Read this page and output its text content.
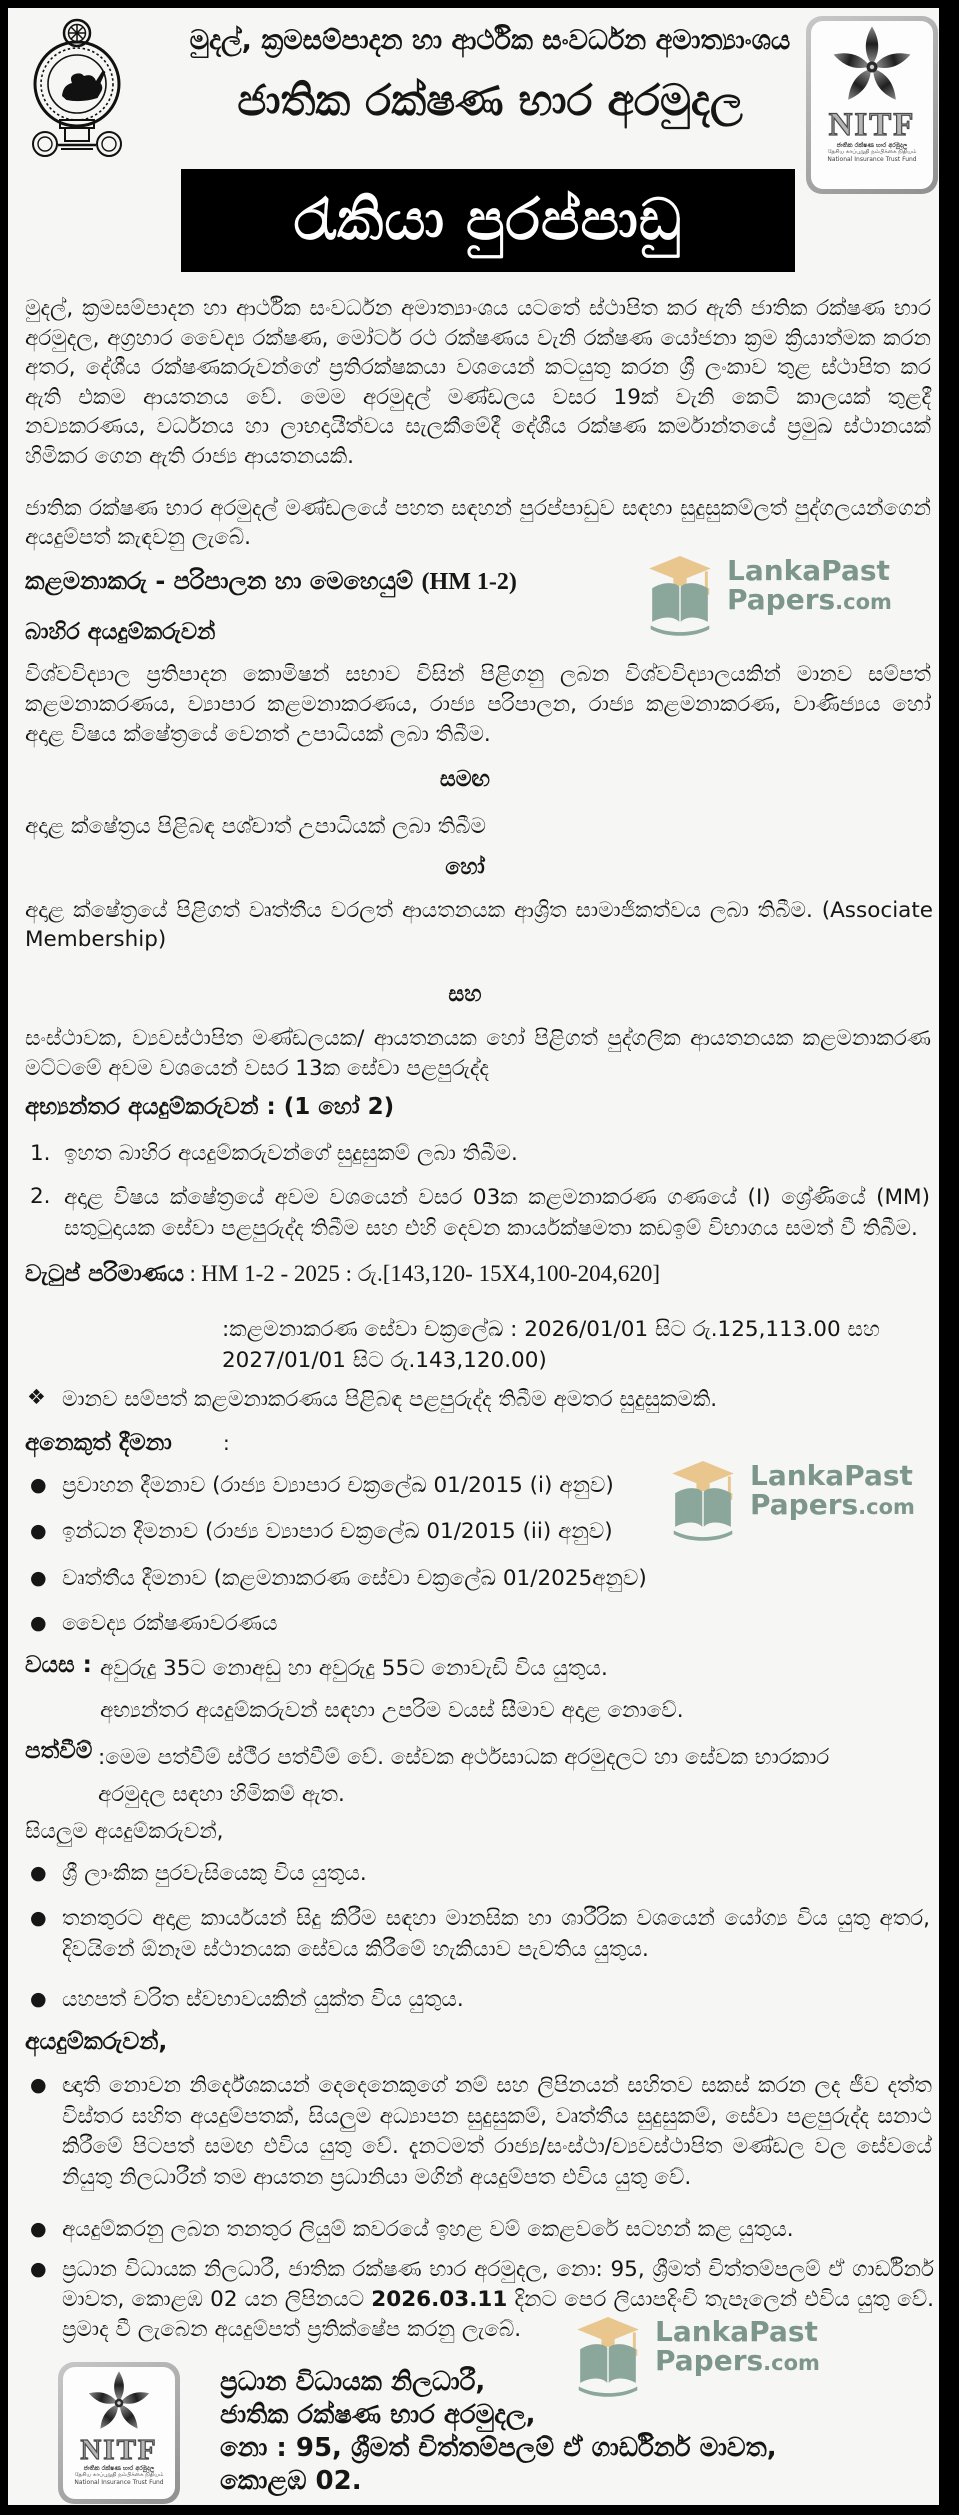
මුදල්, ක්‍රමසම්පාදන හා ආර්ථික සංවර්ධන අමාත්‍යාංශය
ජාතික රක්ෂණ භාර අරමුදල	NITF
ජාතික රක්ෂණ භාර අරමුදල
தேசிய காப்புறுதி நம்பிக்கை நிதியம்
National Insurance Trust Fund
රැකියා පුරප්පාඩු
මුදල්, ක්‍රමසම්පාදන හා ආර්ථික සංවර්ධන අමාත්‍යාංශය යටතේ ස්ථාපිත කර ඇති ජාතික රක්ෂණ භාර අරමුදල, අග්‍රහාර වෛද්‍ය රක්ෂණ, මෝටර් රථ රක්ෂණය වැනි රක්ෂණ යෝජනා ක්‍රම ක්‍රියාත්මක කරන අතර, දේශීය රක්ෂණකරුවන්ගේ ප්‍රතිරක්ෂකයා වශයෙන් කටයුතු කරන ශ්‍රී ලංකාව තුළ ස්ථාපිත කර ඇති එකම ආයතනය වේ. මෙම අරමුදල් මණ්ඩලය වසර 19ක් වැනි කෙටි කාලයක් තුළදී නව්‍යකරණය, වර්ධනය හා ලාභදායීත්වය සැලකීමේදී දේශීය රක්ෂණ කර්මාන්තයේ ප්‍රමුඛ ස්ථානයක් හිමිකර ගෙන ඇති රාජ්‍ය ආයතනයකි.
ජාතික රක්ෂණ භාර අරමුදල් මණ්ඩලයේ පහත සඳහන් පුරප්පාඩුව සඳහා සුදුසුකම්ලත් පුද්ගලයන්ගෙන් අයදුම්පත් කැඳවනු ලැබේ.
කළමනාකරු - පරිපාලන හා මෙහෙයුම් (HM 1-2)	LankaPast
Papers.com
බාහිර අයදුම්කරුවන්
විශ්වවිද්‍යාල ප්‍රතිපාදන කොමිෂන් සභාව විසින් පිළිගනු ලබන විශ්වවිද්‍යාලයකින් මානව සම්පත් කළමනාකරණය, ව්‍යාපාර කළමනාකරණය, රාජ්‍ය පරිපාලන, රාජ්‍ය කළමනාකරණ, වාණිජ්‍යය හෝ අදාළ විෂය ක්ෂේත්‍රයේ වෙනත් උපාධියක් ලබා තිබීම.
සමඟ
අදාළ ක්ෂේත්‍රය පිළිබඳ පශ්චාත් උපාධියක් ලබා තිබීම
හෝ
අදාළ ක්ෂේත්‍රයේ පිළිගත් වෘත්තීය වරලත් ආයතනයක ආශ්‍රිත සාමාජිකත්වය ලබා තිබීම. (Associate Membership)
සහ
සංස්ථාවක, ව්‍යවස්ථාපිත මණ්ඩලයක/ ආයතනයක හෝ පිළිගත් පුද්ගලික ආයතනයක කළමනාකරණ මට්ටමේ අවම වශයෙන් වසර 13ක සේවා පළපුරුද්ද
අභ්‍යන්තර අයදුම්කරුවන් : (1 හෝ 2)
1. ඉහත බාහිර අයදුම්කරුවන්ගේ සුදුසුකම් ලබා තිබීම.
2. අදාළ විෂය ක්ෂේත්‍රයේ අවම වශයෙන් වසර 03ක කළමනාකරණ ගණයේ (I) ශ්‍රේණියේ (MM) සතුටුදායක සේවා පළපුරුද්ද තිබීම සහ එහි දෙවන කාර්යක්ෂමතා කඩඉම් විභාගය සමත් වී තිබීම.
වැටුප් පරිමාණය : HM 1-2 - 2025 : රු.[143,120- 15X4,100-204,620]
:කළමනාකරණ සේවා චක්‍රලේඛ : 2026/01/01 සිට රු.125,113.00 සහ
2027/01/01 සිට රු.143,120.00)
❖ මානව සම්පත් කළමනාකරණය පිළිබඳ පළපුරුද්ද තිබීම අමතර සුදුසුකමකි.
අනෙකුත් දීමනා	:
● ප්‍රවාහන දීමනාව (රාජ්‍ය ව්‍යාපාර චක්‍රලේඛ 01/2015 (i) අනුව)
● ඉන්ධන දීමනාව (රාජ්‍ය ව්‍යාපාර චක්‍රලේඛ 01/2015 (ii) අනුව)
● වෘත්තීය දීමනාව (කළමනාකරණ සේවා චක්‍රලේඛ 01/2025අනුව)
● වෛද්‍ය රක්ෂණාවරණය
LankaPast
Papers.com
වයස : අවුරුදු 35ට නොඅඩු හා අවුරුදු 55ට නොවැඩි විය යුතුය.
අභ්‍යන්තර අයදුම්කරුවන් සඳහා උපරිම වයස් සීමාව අදාළ නොවේ.
පත්වීම් :මෙම පත්වීම් ස්ථීර පත්වීම් වේ. සේවක අර්ථසාධක අරමුදලට හා සේවක භාරකාර අරමුදල සඳහා හිමිකම් ඇත.
සියලුම අයදුම්කරුවන්,
● ශ්‍රී ලාංකික පුරවැසියෙකු විය යුතුය.
● තනතුරට අදාළ කාර්යයන් සිදු කිරීම සඳහා මානසික හා ශාරීරික වශයෙන් යෝග්‍ය විය යුතු අතර, දිවයිනේ ඕනෑම ස්ථානයක සේවය කිරීමේ හැකියාව පැවතිය යුතුය.
● යහපත් චරිත ස්වභාවයකින් යුක්ත විය යුතුය.
අයදුම්කරුවන්,
● ඥාති නොවන නිර්දේශකයන් දෙදෙනෙකුගේ නම් සහ ලිපිනයන් සහිතව සකස් කරන ලද ජීව දත්ත විස්තර සහිත අයදුම්පතක්, සියලුම අධ්‍යාපන සුදුසුකම්, වෘත්තීය සුදුසුකම්, සේවා පළපුරුද්ද සනාථ කිරීමේ පිටපත් සමඟ එවිය යුතු වේ. දැනටමත් රාජ්‍ය/සංස්ථා/ව්‍යවස්ථාපිත මණ්ඩල වල සේවයේ නියුතු නිලධාරීන් තම ආයතන ප්‍රධානියා මගින් අයදුම්පත එවිය යුතු වේ.
● අයදුම්කරනු ලබන තනතුර ලියුම් කවරයේ ඉහළ වම් කෙළවරේ සටහන් කළ යුතුය.
● ප්‍රධාන විධායක නිලධාරී, ජාතික රක්ෂණ භාර අරමුදල, නො: 95, ශ්‍රීමත් චිත්තම්පලම් ඒ ගාර්ඩිනර් මාවත, කොළඹ 02 යන ලිපිනයට 2026.03.11 දිනට පෙර ලියාපදිංචි තැපෑලෙන් එවිය යුතු වේ. ප්‍රමාද වී ලැබෙන අයදුම්පත් ප්‍රතික්ෂේප කරනු ලැබේ.	LankaPast
Papers.com
NITF
ජාතික රක්ෂණ භාර අරමුදල
தேசிய காப்புறுதி நம்பிக்கை நிதியம்
National Insurance Trust Fund
ප්‍රධාන විධායක නිලධාරී,
ජාතික රක්ෂණ භාර අරමුදල,
නො : 95, ශ්‍රීමත් චිත්තම්පලම් ඒ ගාර්ඩිනර් මාවත,
කොළඹ 02.
